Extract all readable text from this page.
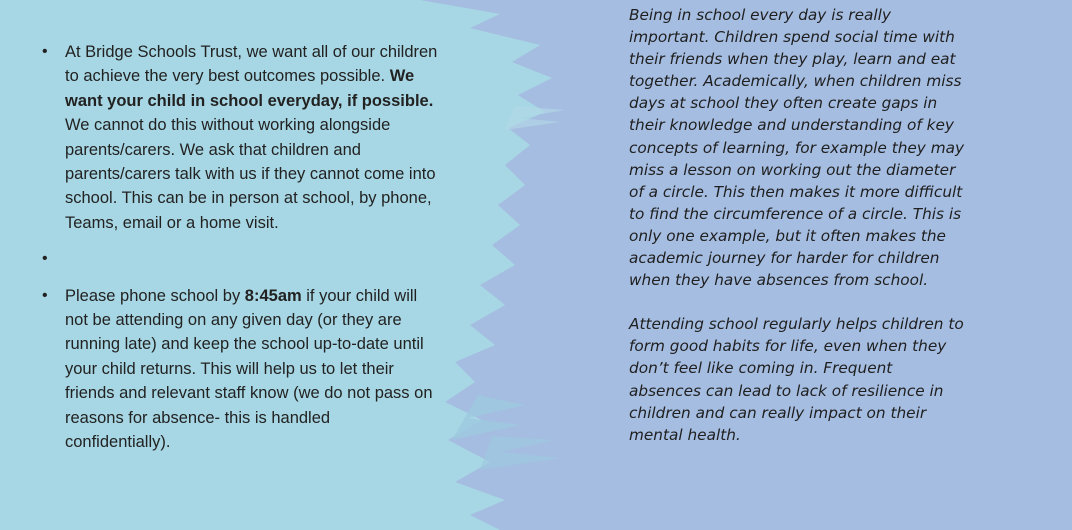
• At Bridge Schools Trust, we want all of our children to achieve the very best outcomes possible. We want your child in school everyday, if possible. We cannot do this without working alongside parents/carers. We ask that children and parents/carers talk with us if they cannot come into school. This can be in person at school, by phone, Teams, email or a home visit.

•
• Please phone school by 8:45am if your child will not be attending on any given day (or they are running late) and keep the school up-to-date until your child returns. This will help us to let their friends and relevant staff know (we do not pass on reasons for absence- this is handled confidentially).

Being in school every day is really important. Children spend social time with their friends when they play, learn and eat together. Academically, when children miss days at school they often create gaps in their knowledge and understanding of key concepts of learning, for example they may miss a lesson on working out the diameter of a circle. This then makes it more difficult to find the circumference of a circle. This is only one example, but it often makes the academic journey for harder for children when they have absences from school.

Attending school regularly helps children to form good habits for life, even when they don’t feel like coming in. Frequent absences can lead to lack of resilience in children and can really impact on their mental health.
